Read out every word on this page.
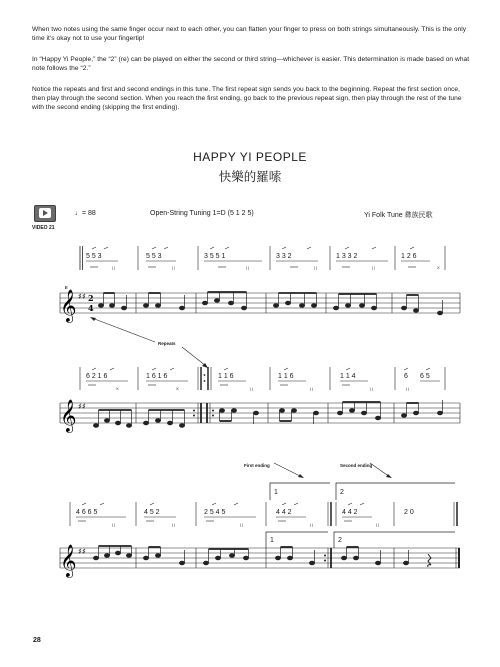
When two notes using the same finger occur next to each other, you can flatten your finger to press on both strings simultaneously. This is the only time it's okay not to use your fingertip!

In “Happy Yi People,” the “2” (re) can be played on either the second or third string—whichever is easier. This determination is made based on what note follows the “2.”

Notice the repeats and first and second endings in this tune. The first repeat sign sends you back to the beginning. Repeat the first section once, then play through the second section. When you reach the first ending, go back to the previous repeat sign, then play through the rest of the tune with the second ending (skipping the first ending).

HAPPY YI PEOPLE
快樂的羅嗦
VIDEO 21
♩= 88	Open-String Tuning 1=D (5 1 2 5)	Yi Folk Tune 彝族民歌
5 5 3	5 5 3	3 5 5 1	3 3 2	1 3 3 2	1 2 6
| |	| |	| |	| |	| |	X
II
𝄞 ♯♯ 2
4
Repeats
6 2 1 6	1 6 1 6	1 1 6	1 1 6	1 1 4	6 6 5
X	X	| |	| |	| |	| |
𝄞 ♯♯
First ending	Second ending
1	2
4 6 6 5	4 5 2	2 5 4 5	4 4 2	4 4 2	2 0
| |	| |	| |	| |	| |
1	2
𝄞 ♯♯
28
